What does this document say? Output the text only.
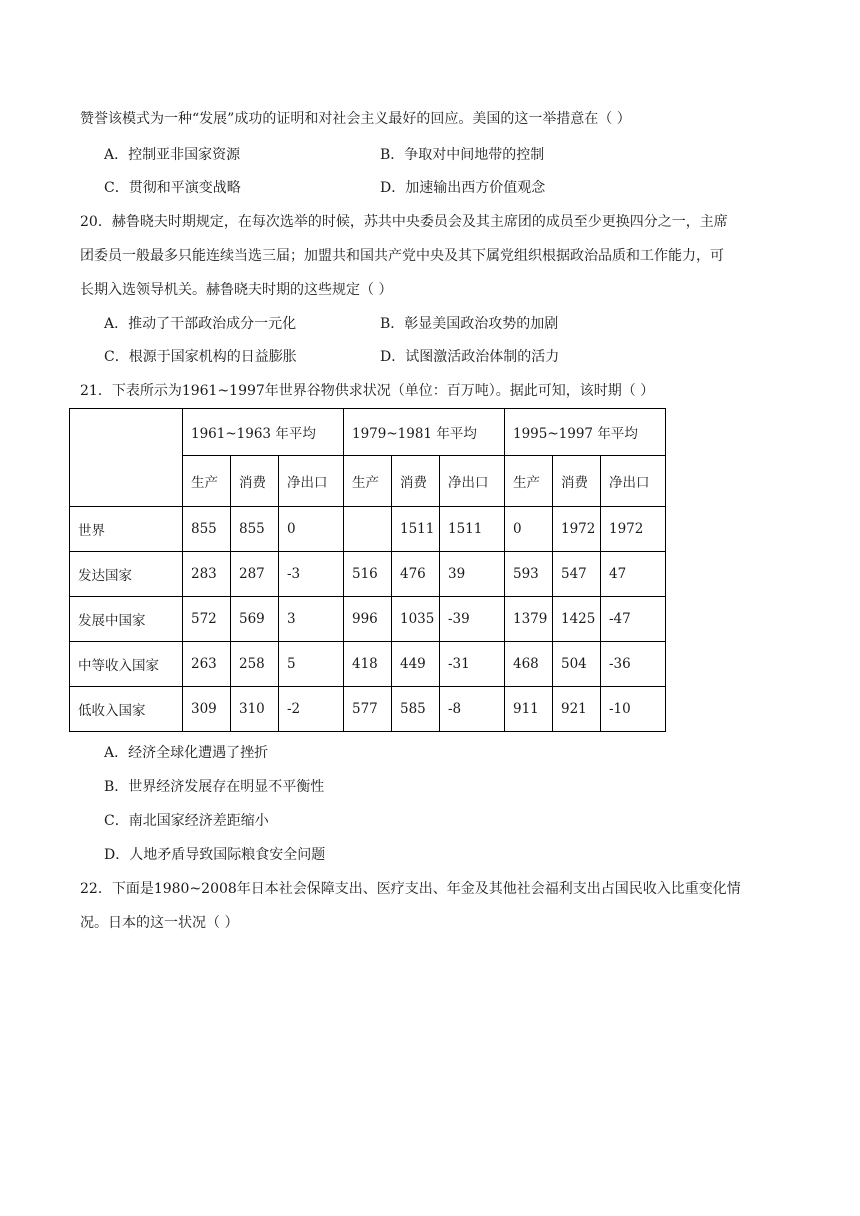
赞誉该模式为一种“发展”成功的证明和对社会主义最好的回应。美国的这一举措意在（ ）
A．控制亚非国家资源	B．争取对中间地带的控制
C．贯彻和平演变战略	D．加速输出西方价值观念
20．赫鲁晓夫时期规定，在每次选举的时候，苏共中央委员会及其主席团的成员至少更换四分之一，主席
团委员一般最多只能连续当选三届；加盟共和国共产党中央及其下属党组织根据政治品质和工作能力，可
长期入选领导机关。赫鲁晓夫时期的这些规定（ ）
A．推动了干部政治成分一元化	B．彰显美国政治攻势的加剧
C．根源于国家机构的日益膨胀	D．试图激活政治体制的活力
21．下表所示为1961~1997年世界谷物供求状况（单位：百万吨）。据此可知，该时期（ ）
	1961~1963 年平均			1979~1981 年平均			1995~1997 年平均		
	生产	消费	净出口	生产	消费	净出口	生产	消费	净出口
世界	855	855	0		1511	1511	0	1972	1972
发达国家	283	287	-3	516	476	39	593	547	47
发展中国家	572	569	3	996	1035	-39	1379	1425	-47
中等收入国家	263	258	5	418	449	-31	468	504	-36
低收入国家	309	310	-2	577	585	-8	911	921	-10
A．经济全球化遭遇了挫折
B．世界经济发展存在明显不平衡性
C．南北国家经济差距缩小
D．人地矛盾导致国际粮食安全问题
22．下面是1980~2008年日本社会保障支出、医疗支出、年金及其他社会福利支出占国民收入比重变化情
况。日本的这一状况（ ）
